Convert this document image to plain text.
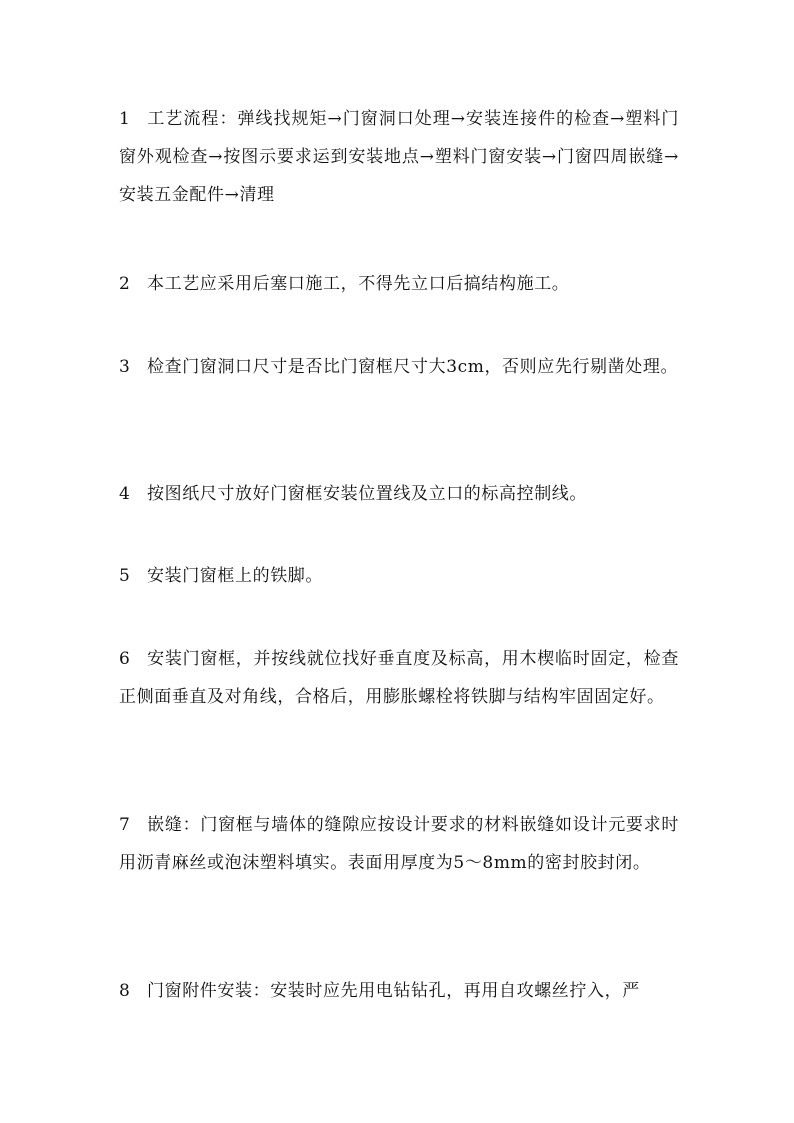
1 工艺流程：弹线找规矩→门窗洞口处理→安装连接件的检查→塑料门窗外观检查→按图示要求运到安装地点→塑料门窗安装→门窗四周嵌缝→安装五金配件→清理

2 本工艺应采用后塞口施工，不得先立口后搞结构施工。

3 检查门窗洞口尺寸是否比门窗框尺寸大3cm，否则应先行剔凿处理。

4 按图纸尺寸放好门窗框安装位置线及立口的标高控制线。

5 安装门窗框上的铁脚。

6 安装门窗框，并按线就位找好垂直度及标高，用木楔临时固定，检查正侧面垂直及对角线，合格后，用膨胀螺栓将铁脚与结构牢固固定好。

7 嵌缝：门窗框与墙体的缝隙应按设计要求的材料嵌缝如设计元要求时用沥青麻丝或泡沫塑料填实。表面用厚度为5～8mm的密封胶封闭。

8 门窗附件安装：安装时应先用电钻钻孔，再用自攻螺丝拧入，严
